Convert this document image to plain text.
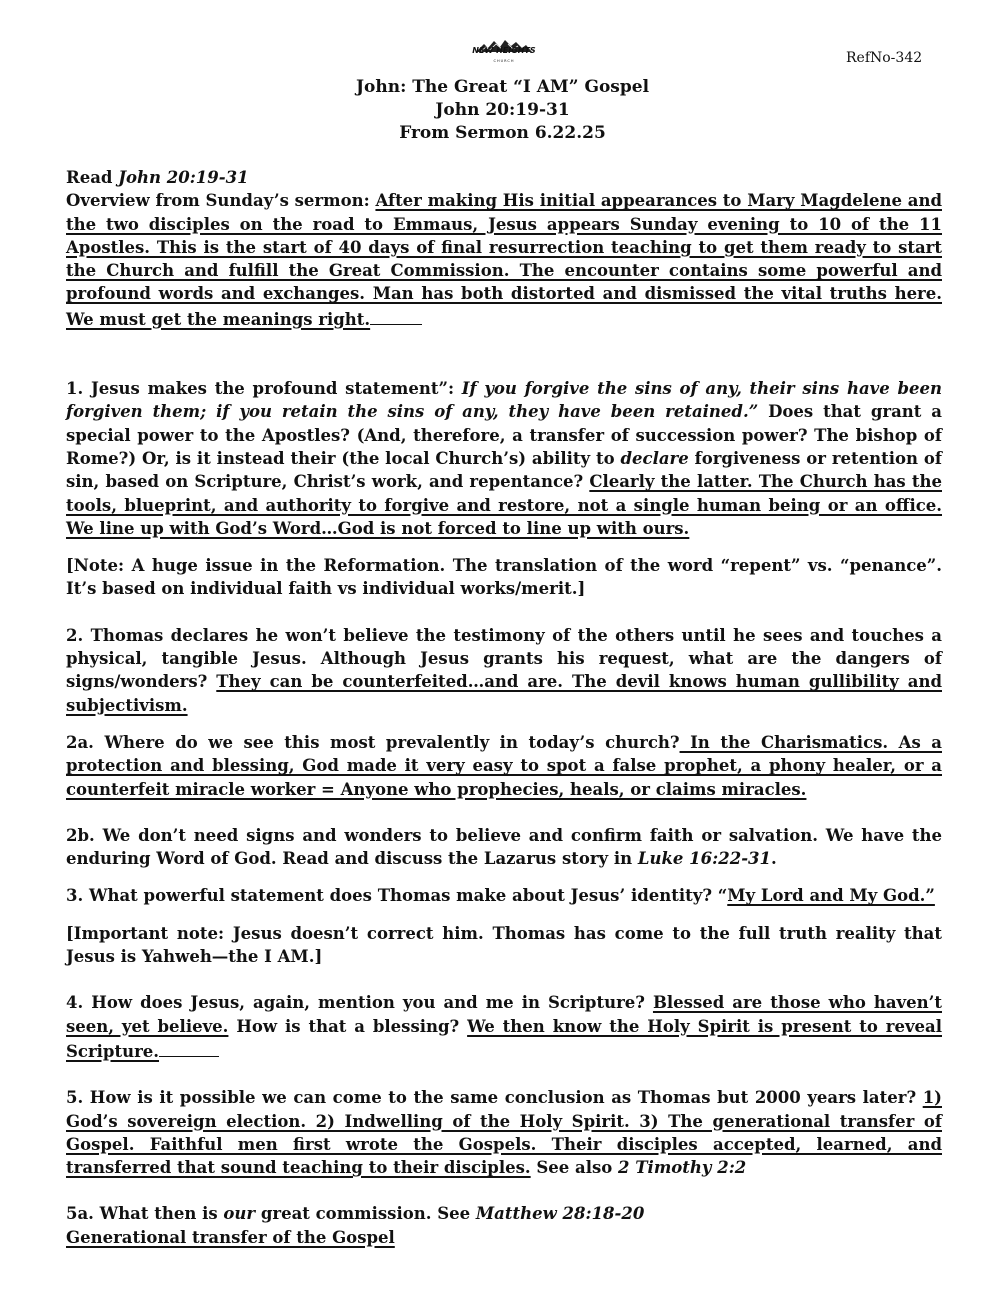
NEW HEIGHTS
CHURCH	RefNo-342
John: The Great “I AM” Gospel
John 20:19-31
From Sermon 6.22.25

Read John 20:19-31

Overview from Sunday’s sermon: After making His initial appearances to Mary Magdelene and the two disciples on the road to Emmaus, Jesus appears Sunday evening to 10 of the 11 Apostles. This is the start of 40 days of final resurrection teaching to get them ready to start the Church and fulfill the Great Commission. The encounter contains some powerful and profound words and exchanges. Man has both distorted and dismissed the vital truths here. We must get the meanings right.

1. Jesus makes the profound statement”: If you forgive the sins of any, their sins have been forgiven them; if you retain the sins of any, they have been retained.” Does that grant a special power to the Apostles? (And, therefore, a transfer of succession power? The bishop of Rome?) Or, is it instead their (the local Church’s) ability to declare forgiveness or retention of sin, based on Scripture, Christ’s work, and repentance? Clearly the latter. The Church has the tools, blueprint, and authority to forgive and restore, not a single human being or an office. We line up with God’s Word…God is not forced to line up with ours.

[Note: A huge issue in the Reformation. The translation of the word “repent” vs. “penance”. It’s based on individual faith vs individual works/merit.]

2. Thomas declares he won’t believe the testimony of the others until he sees and touches a physical, tangible Jesus. Although Jesus grants his request, what are the dangers of signs/wonders? They can be counterfeited…and are. The devil knows human gullibility and subjectivism.

2a. Where do we see this most prevalently in today’s church? In the Charismatics. As a protection and blessing, God made it very easy to spot a false prophet, a phony healer, or a counterfeit miracle worker = Anyone who prophecies, heals, or claims miracles.

2b. We don’t need signs and wonders to believe and confirm faith or salvation. We have the enduring Word of God. Read and discuss the Lazarus story in Luke 16:22-31.

3. What powerful statement does Thomas make about Jesus’ identity? “My Lord and My God.”

[Important note: Jesus doesn’t correct him. Thomas has come to the full truth reality that Jesus is Yahweh—the I AM.]

4. How does Jesus, again, mention you and me in Scripture? Blessed are those who haven’t seen, yet believe. How is that a blessing? We then know the Holy Spirit is present to reveal Scripture.

5. How is it possible we can come to the same conclusion as Thomas but 2000 years later? 1) God’s sovereign election. 2) Indwelling of the Holy Spirit. 3) The generational transfer of Gospel. Faithful men first wrote the Gospels. Their disciples accepted, learned, and transferred that sound teaching to their disciples. See also 2 Timothy 2:2

5a. What then is our great commission. See Matthew 28:18-20

Generational transfer of the Gospel
